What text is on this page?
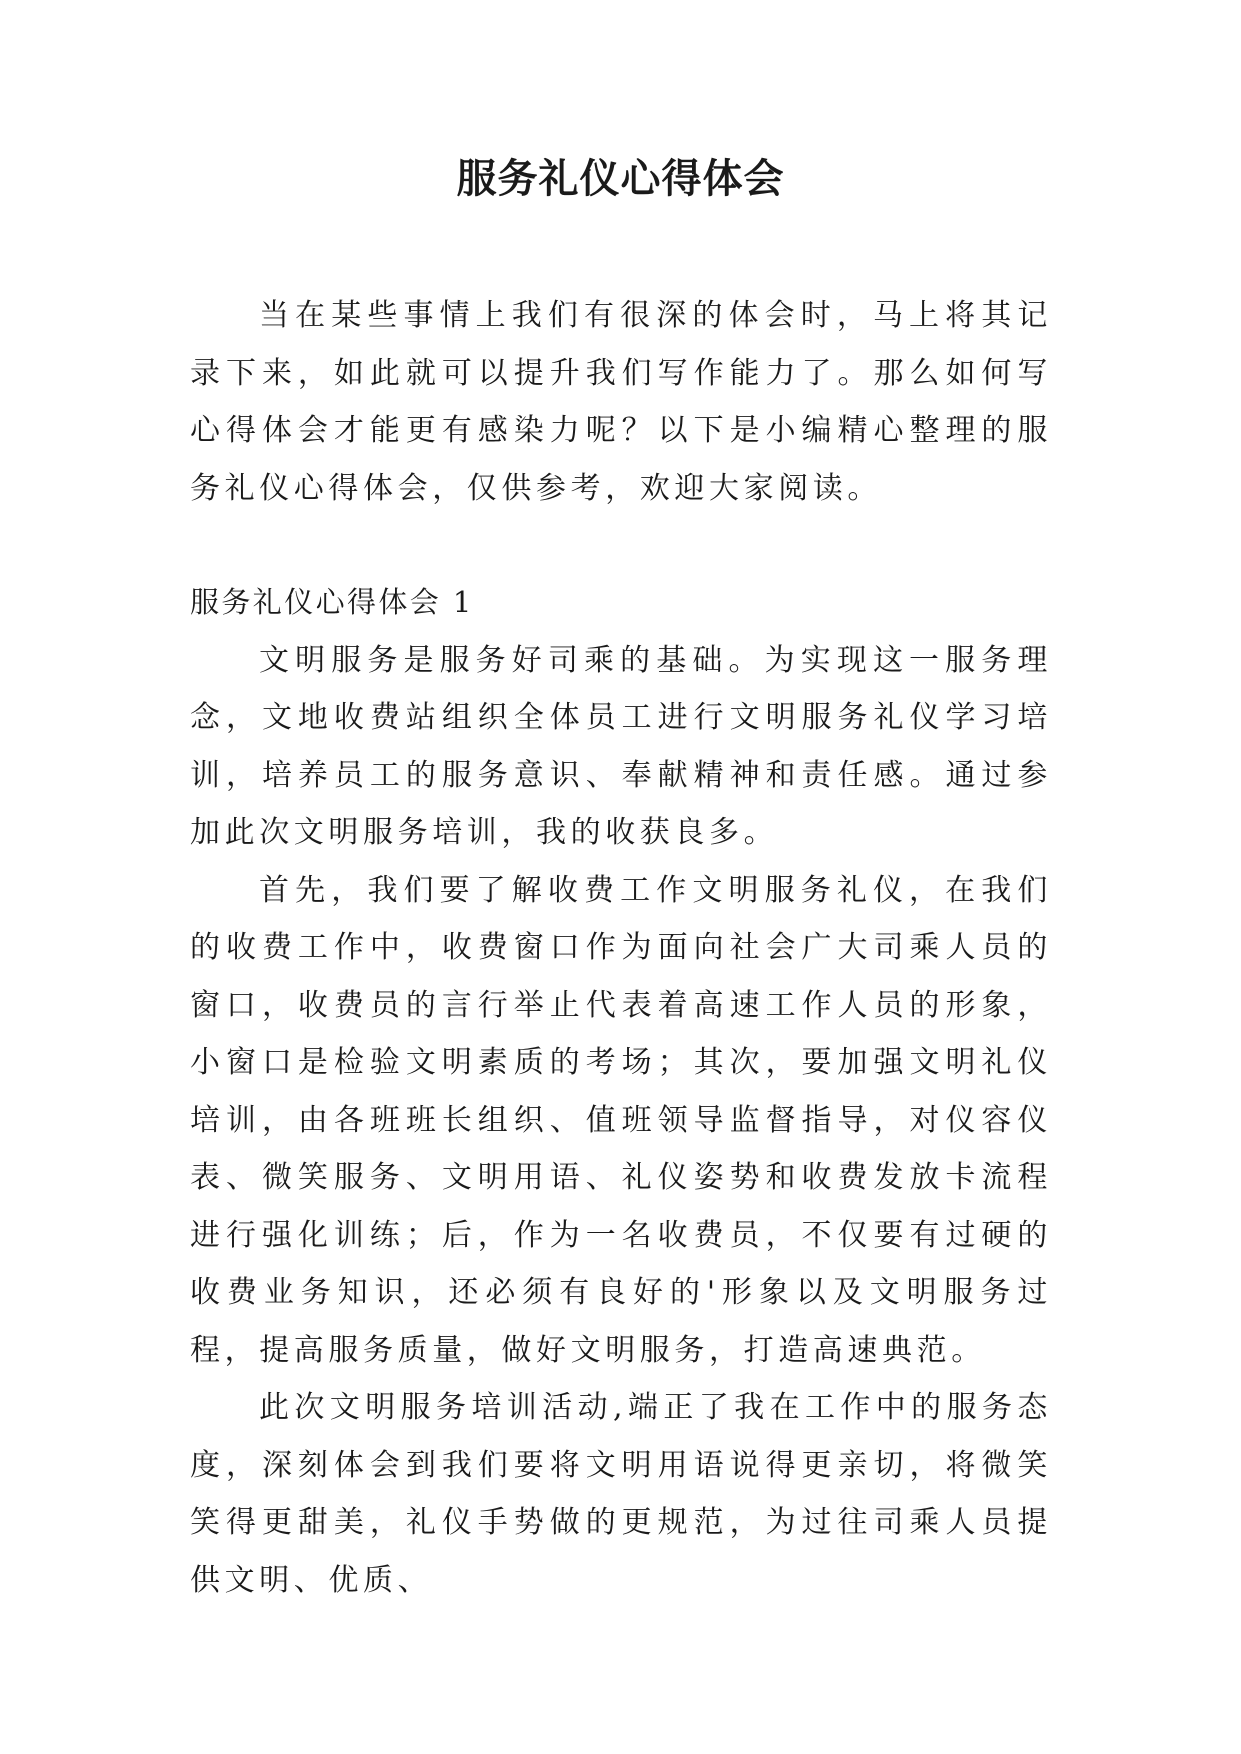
服务礼仪心得体会

当在某些事情上我们有很深的体会时，马上将其记录下来，如此就可以提升我们写作能力了。那么如何写心得体会才能更有感染力呢？以下是小编精心整理的服务礼仪心得体会，仅供参考，欢迎大家阅读。

服务礼仪心得体会 1

文明服务是服务好司乘的基础。为实现这一服务理念，文地收费站组织全体员工进行文明服务礼仪学习培训，培养员工的服务意识、奉献精神和责任感。通过参加此次文明服务培训，我的收获良多。

首先，我们要了解收费工作文明服务礼仪，在我们的收费工作中，收费窗口作为面向社会广大司乘人员的窗口，收费员的言行举止代表着高速工作人员的形象，小窗口是检验文明素质的考场；其次，要加强文明礼仪培训，由各班班长组织、值班领导监督指导，对仪容仪表、微笑服务、文明用语、礼仪姿势和收费发放卡流程进行强化训练；后，作为一名收费员，不仅要有过硬的收费业务知识，还必须有良好的'形象以及文明服务过程，提高服务质量，做好文明服务，打造高速典范。

此次文明服务培训活动,端正了我在工作中的服务态度，深刻体会到我们要将文明用语说得更亲切，将微笑笑得更甜美，礼仪手势做的更规范，为过往司乘人员提供文明、优质、
